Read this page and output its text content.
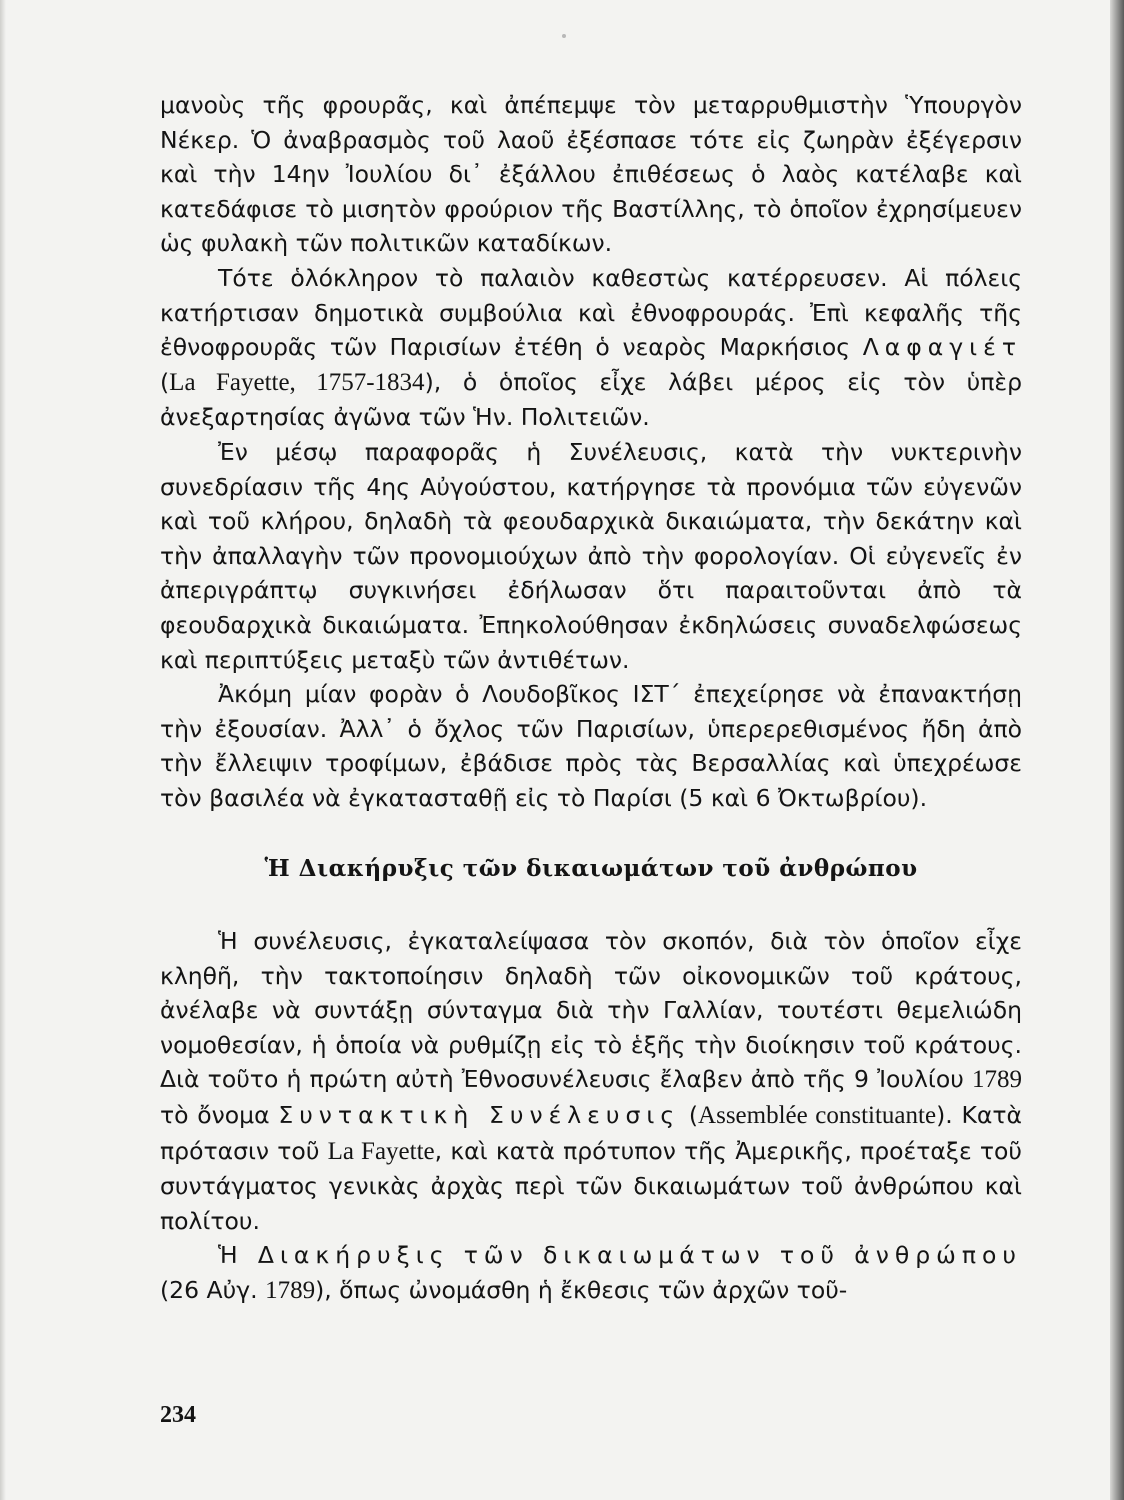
μανοὺς τῆς φρουρᾶς, καὶ ἀπέπεμψε τὸν μεταρρυθμιστὴν Ὑπουργὸν Νέκερ. Ὁ ἀναβρασμὸς τοῦ λαοῦ ἐξέσπασε τότε εἰς ζωηρὰν ἐξέγερσιν καὶ τὴν 14ην Ἰουλίου δι᾿ ἐξάλλου ἐπιθέσεως ὁ λαὸς κατέλαβε καὶ κατεδάφισε τὸ μισητὸν φρούριον τῆς Βαστίλλης, τὸ ὁποῖον ἐχρησίμευεν ὡς φυλακὴ τῶν πολιτικῶν καταδίκων.

Τότε ὁλόκληρον τὸ παλαιὸν καθεστὼς κατέρρευσεν. Αἱ πόλεις κατήρτισαν δημοτικὰ συμβούλια καὶ ἐθνοφρουράς. Ἐπὶ κεφαλῆς τῆς ἐθνοφρουρᾶς τῶν Παρισίων ἐτέθη ὁ νεαρὸς Μαρκήσιος Λαφαγιέτ (La Fayette, 1757-1834), ὁ ὁποῖος εἶχε λάβει μέρος εἰς τὸν ὑπὲρ ἀνεξαρτησίας ἀγῶνα τῶν Ἡν. Πολιτειῶν.

Ἐν μέσῳ παραφορᾶς ἡ Συνέλευσις, κατὰ τὴν νυκτερινὴν συνεδρίασιν τῆς 4ης Αὐγούστου, κατήργησε τὰ προνόμια τῶν εὐγενῶν καὶ τοῦ κλήρου, δηλαδὴ τὰ φεουδαρχικὰ δικαιώματα, τὴν δεκάτην καὶ τὴν ἀπαλλαγὴν τῶν προνομιούχων ἀπὸ τὴν φορολογίαν. Οἱ εὐγενεῖς ἐν ἀπεριγράπτῳ συγκινήσει ἐδήλωσαν ὅτι παραιτοῦνται ἀπὸ τὰ φεουδαρχικὰ δικαιώματα. Ἐπηκολούθησαν ἐκδηλώσεις συναδελφώσεως καὶ περιπτύξεις μεταξὺ τῶν ἀντιθέτων.

Ἀκόμη μίαν φορὰν ὁ Λουδοβῖκος ΙΣΤ΄ ἐπεχείρησε νὰ ἐπανακτήσῃ τὴν ἐξουσίαν. Ἀλλ᾿ ὁ ὄχλος τῶν Παρισίων, ὑπερερεθισμένος ἤδη ἀπὸ τὴν ἔλλειψιν τροφίμων, ἐβάδισε πρὸς τὰς Βερσαλλίας καὶ ὑπεχρέωσε τὸν βασιλέα νὰ ἐγκατασταθῇ εἰς τὸ Παρίσι (5 καὶ 6 Ὀκτωβρίου).

Ἡ Διακήρυξις τῶν δικαιωμάτων τοῦ ἀνθρώπου

Ἡ συνέλευσις, ἐγκαταλείψασα τὸν σκοπόν, διὰ τὸν ὁποῖον εἶχε κληθῆ, τὴν τακτοποίησιν δηλαδὴ τῶν οἰκονομικῶν τοῦ κράτους, ἀνέλαβε νὰ συντάξῃ σύνταγμα διὰ τὴν Γαλλίαν, τουτέστι θεμελιώδη νομοθεσίαν, ἡ ὁποία νὰ ρυθμίζῃ εἰς τὸ ἑξῆς τὴν διοίκησιν τοῦ κράτους. Διὰ τοῦτο ἡ πρώτη αὐτὴ Ἐθνοσυνέλευσις ἔλαβεν ἀπὸ τῆς 9 Ἰουλίου 1789 τὸ ὄνομα Συντακτικὴ Συνέλευσις (Assemblée constituante). Κατὰ πρότασιν τοῦ La Fayette, καὶ κατὰ πρότυπον τῆς Ἀμερικῆς, προέταξε τοῦ συντάγματος γενικὰς ἀρχὰς περὶ τῶν δικαιωμάτων τοῦ ἀνθρώπου καὶ πολίτου.

Ἡ Διακήρυξις τῶν δικαιωμάτων τοῦ ἀνθρώπου (26 Αὐγ. 1789), ὅπως ὠνομάσθη ἡ ἔκθεσις τῶν ἀρχῶν τοῦ-

234
